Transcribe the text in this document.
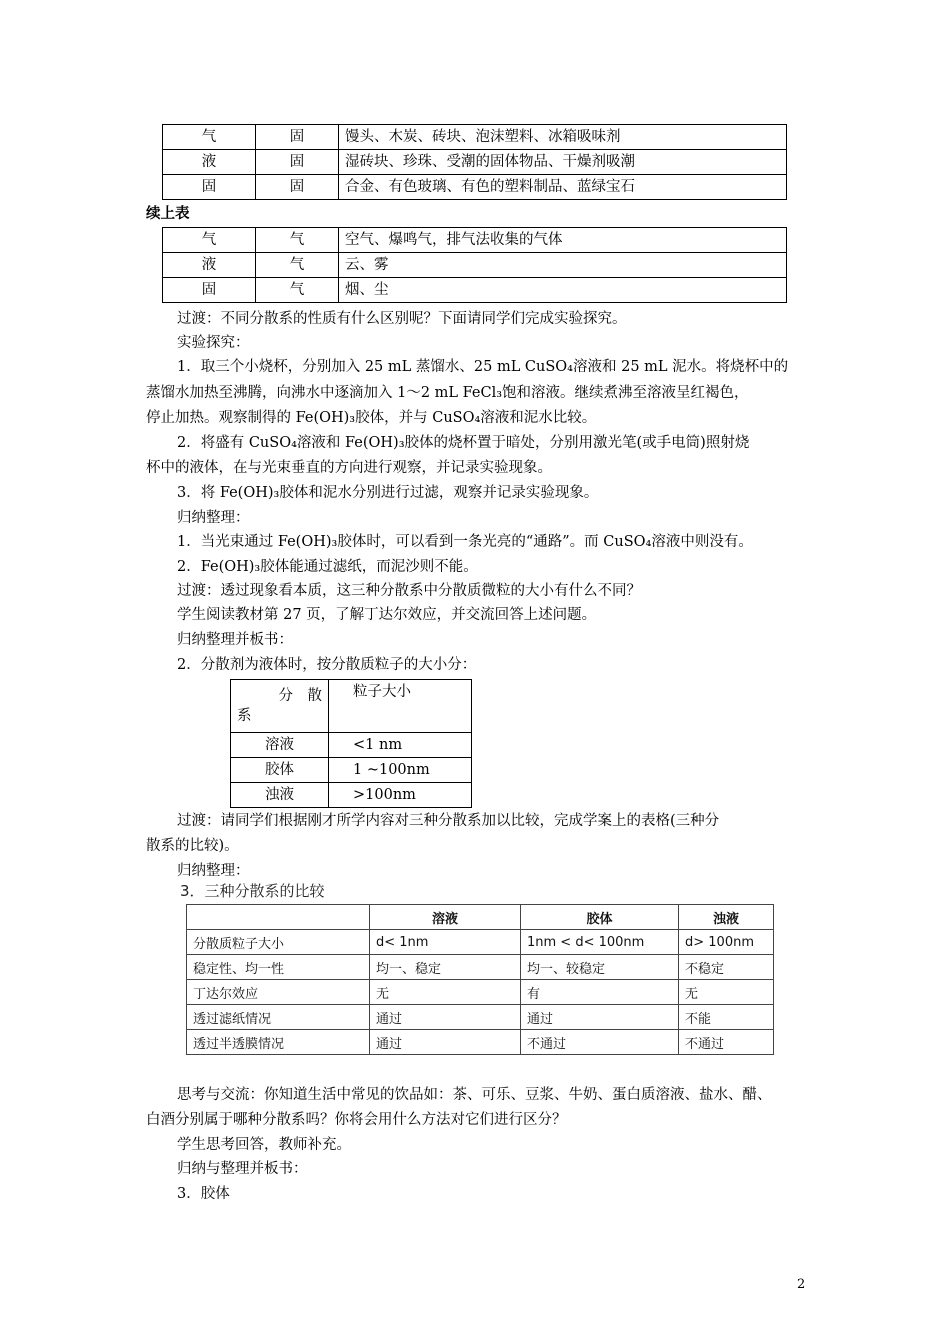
气	固	馒头、木炭、砖块、泡沫塑料、冰箱吸味剂
液	固	湿砖块、珍珠、受潮的固体物品、干燥剂吸潮
固	固	合金、有色玻璃、有色的塑料制品、蓝绿宝石
续上表
气	气	空气、爆鸣气，排气法收集的气体
液	气	云、雾
固	气	烟、尘
过渡：不同分散系的性质有什么区别呢？下面请同学们完成实验探究。
实验探究：
1．取三个小烧杯，分别加入 25 mL 蒸馏水、25 mL CuSO₄溶液和 25 mL 泥水。将烧杯中的
蒸馏水加热至沸腾，向沸水中逐滴加入 1～2 mL FeCl₃饱和溶液。继续煮沸至溶液呈红褐色，
停止加热。观察制得的 Fe(OH)₃胶体，并与 CuSO₄溶液和泥水比较。
2．将盛有 CuSO₄溶液和 Fe(OH)₃胶体的烧杯置于暗处，分别用激光笔(或手电筒)照射烧
杯中的液体，在与光束垂直的方向进行观察，并记录实验现象。
3．将 Fe(OH)₃胶体和泥水分别进行过滤，观察并记录实验现象。
归纳整理：
1．当光束通过 Fe(OH)₃胶体时，可以看到一条光亮的“通路”。而 CuSO₄溶液中则没有。
2．Fe(OH)₃胶体能通过滤纸，而泥沙则不能。
过渡：透过现象看本质，这三种分散系中分散质微粒的大小有什么不同？
学生阅读教材第 27 页，了解丁达尔效应，并交流回答上述问题。
归纳整理并板书：
2．分散剂为液体时，按分散质粒子的大小分：
分　散
系	粒子大小
溶液	<1 nm
胶体	1 ~100nm
浊液	>100nm
过渡：请同学们根据刚才所学内容对三种分散系加以比较，完成学案上的表格(三种分
散系的比较)。
归纳整理：
3．三种分散系的比较
	溶液	胶体	浊液
分散质粒子大小	d< 1nm	1nm < d< 100nm	d> 100nm
稳定性、均一性	均一、稳定	均一、较稳定	不稳定
丁达尔效应	无	有	无
透过滤纸情况	通过	通过	不能
透过半透膜情况	通过	不通过	不通过
思考与交流：你知道生活中常见的饮品如：茶、可乐、豆浆、牛奶、蛋白质溶液、盐水、醋、
白酒分别属于哪种分散系吗？你将会用什么方法对它们进行区分？
学生思考回答，教师补充。
归纳与整理并板书：
3．胶体
2
